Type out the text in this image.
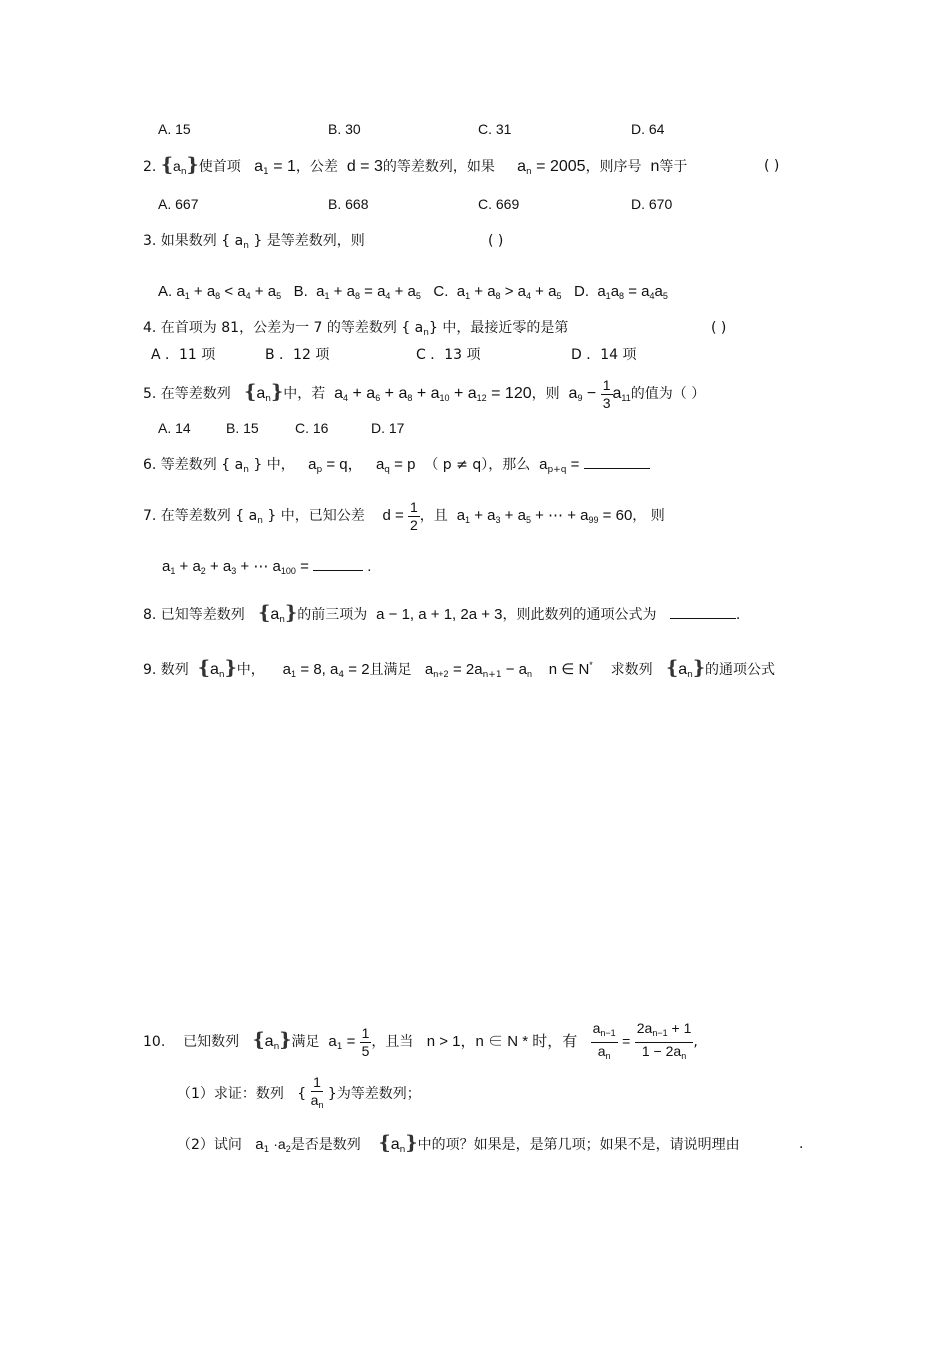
A. 15	B. 30	C. 31	D. 64
2. $\{a_n\}$使首项 $a_1 = 1$，公差 d = 3的等差数列，如果 $a_n = 2005$，则序号 n等于	( )
A. 667	B. 668	C. 669	D. 670
3. 如果数列 { $a_n$ } 是等差数列，则	( )
A. $a_1 + a_8 < a_4 + a_5$ B.  $a_1 + a_8 = a_4 + a_5$ C.  $a_1 + a_8 > a_4 + a_5$ D.  $a_1a_8 = a_4a_5$
4. 在首项为 81，公差为一 7 的等差数列 { $a_n$} 中，最接近零的是第	( )
A ．11 项	B ．12 项	C ．13 项	D ．14 项
5. 在等差数列 $\{a_n\}$中，若 $a_4 + a_6 + a_8 + a_{10} + a_{12} = 120$，则 $a_9 - \frac{1}{3} a_{11}$的值为（ ）
A. 14	B. 15	C. 16	D. 17
6. 等差数列 { $a_n$ } 中， $a_p = q$， $a_q = p$ （ p ≠ q），那么 $a_{p+q}$ =
7. 在等差数列 { $a_n$ } 中，已知公差 $d = \frac{1}{2}$ ，且 $a_1 + a_3 + a_5$ + ⋯ + $a_{99} = 60$， 则
$a_1 + a_2 + a_3$ + ⋯ $a_{100}$ =	.
8. 已知等差数列 $\{a_n\}$的前三项为 a − 1, a + 1, 2a + 3，则此数列的通项公式为	.
9. 数列 $\{a_n\}$中， $a_1 = 8$, $a_4 = 2$且满足 $a_{n+2} = 2a_{n+1} - a_n$    n ∈ N* 求数列 $\{a_n\}$的通项公式
10. 已知数列 $\{a_n\}$满足 $a_1 = \frac{1}{5}$ ，且当 n > 1，n ∈ N * 时，有 $\frac{a_{n-1}}{a_n} = \frac{2a_{n-1} + 1}{1 - 2a_n}$ ,
（1）求证：数列   { $\frac{1}{a_n}$ }为等差数列；
（2）试问 $a_1 \cdot a_2$是否是数列 $\{a_n\}$中的项？如果是，是第几项；如果不是，请说明理由	.
